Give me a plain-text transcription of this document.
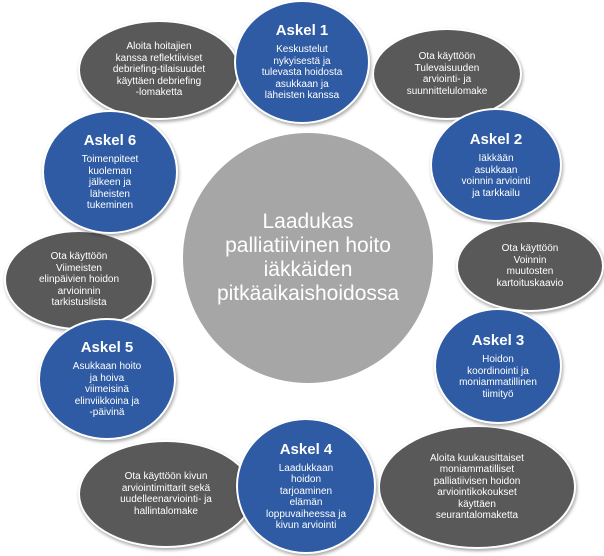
Laadukas
palliatiivinen hoito
iäkkäiden
pitkäaikaishoidossa
Ota käyttöön
Tulevaisuuden
arviointi- ja
suunnittelulomake
Ota käyttöön
Voinnin
muutosten
kartoituskaavio
Aloita kuukausittaiset
moniammatilliset
palliatiivisen hoidon
arviointikokoukset
käyttäen
seurantalomaketta
Ota käyttöön kivun
arviointimittarit sekä
uudelleenarviointi- ja
hallintalomake
Ota käyttöön
Viimeisten
elinpäivien hoidon
arvioinnin
tarkistuslista
Aloita hoitajien
kanssa reflektiiviset
debriefing-tilaisuudet
käyttäen debriefing
-lomaketta
Askel 1
Keskustelut
nykyisestä ja
tulevasta hoidosta
asukkaan ja
läheisten kanssa
Askel 2
Iäkkään
asukkaan
voinnin arviointi
ja tarkkailu
Askel 3
Hoidon
koordinointi ja
moniammatillinen
tiimityö
Askel 4
Laadukkaan
hoidon
tarjoaminen
elämän
loppuvaiheessa ja
kivun arviointi
Askel 5
Asukkaan hoito
ja hoiva
viimeisinä
elinviikkoina ja
-päivinä
Askel 6
Toimenpiteet
kuoleman
jälkeen ja
läheisten
tukeminen
